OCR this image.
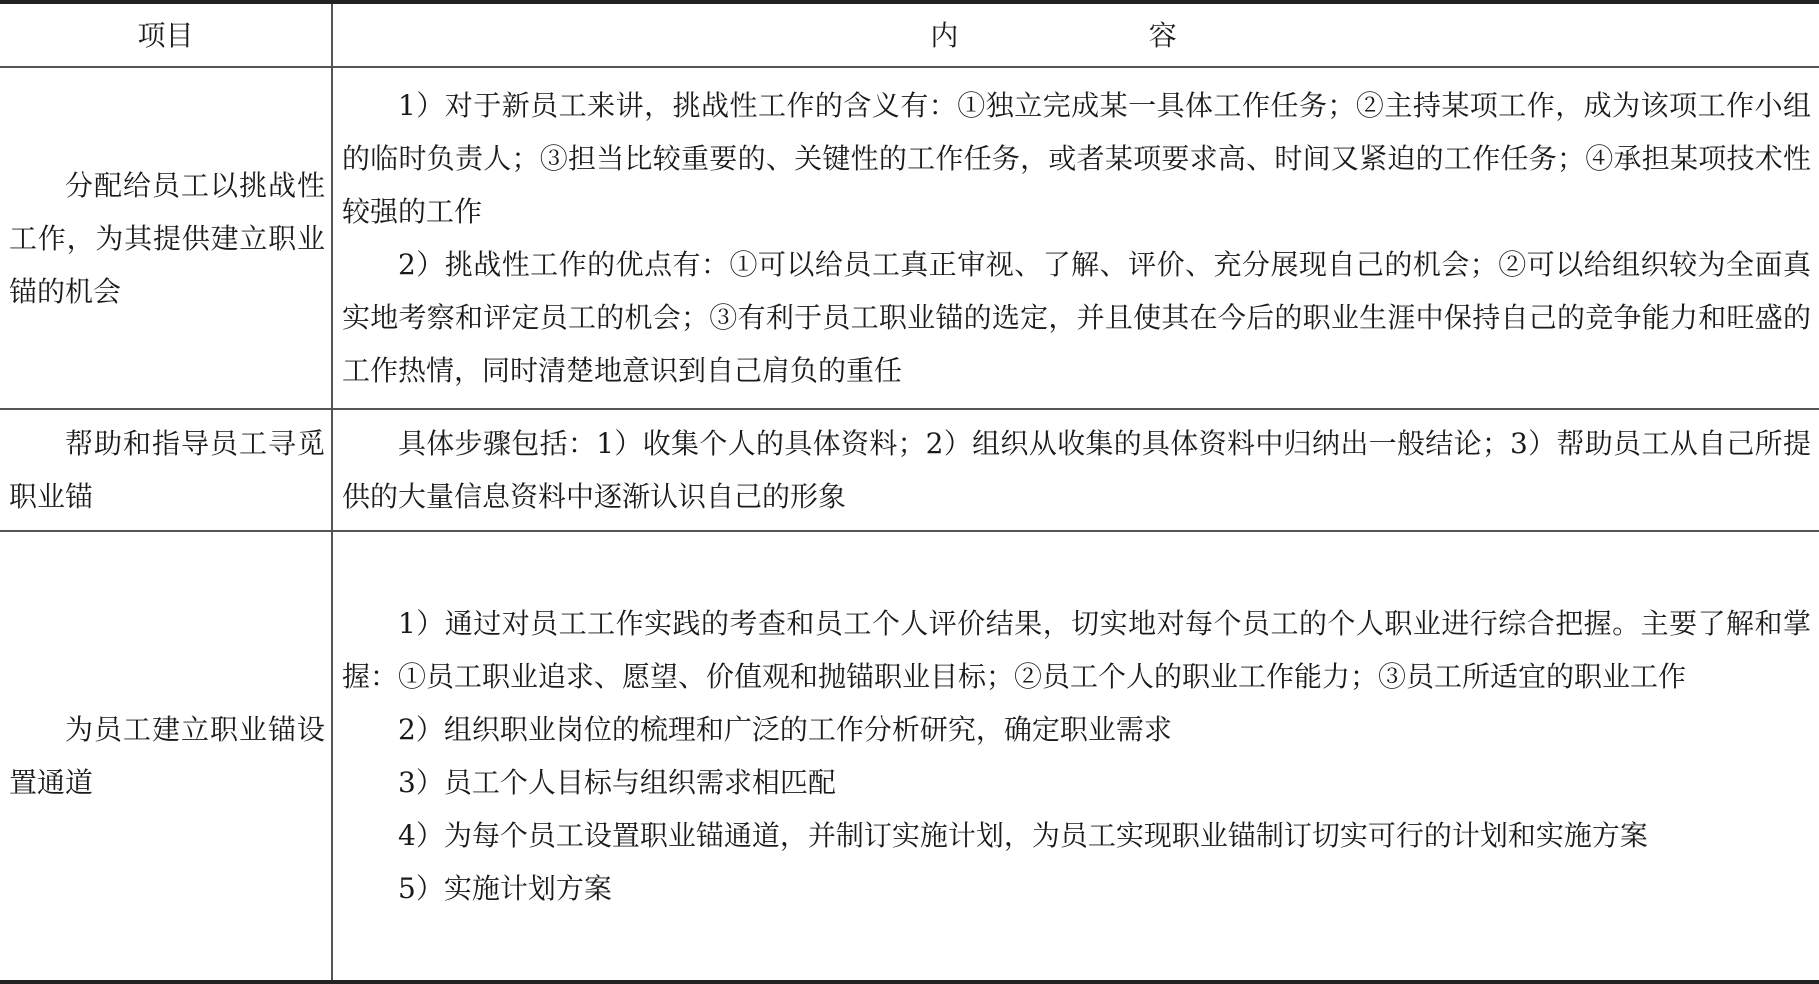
项目	内　　容

分配给员工以挑战性工作，为其提供建立职业锚的机会	1）对于新员工来讲，挑战性工作的含义有：①独立完成某一具体工作任务；②主持某项工作，成为该项工作小组的临时负责人；③担当比较重要的、关键性的工作任务，或者某项要求高、时间又紧迫的工作任务；④承担某项技术性较强的工作

2）挑战性工作的优点有：①可以给员工真正审视、了解、评价、充分展现自己的机会；②可以给组织较为全面真实地考察和评定员工的机会；③有利于员工职业锚的选定，并且使其在今后的职业生涯中保持自己的竞争能力和旺盛的工作热情，同时清楚地意识到自己肩负的重任

帮助和指导员工寻觅职业锚	具体步骤包括：1）收集个人的具体资料；2）组织从收集的具体资料中归纳出一般结论；3）帮助员工从自己所提供的大量信息资料中逐渐认识自己的形象

为员工建立职业锚设置通道	1）通过对员工工作实践的考查和员工个人评价结果，切实地对每个员工的个人职业进行综合把握。主要了解和掌握：①员工职业追求、愿望、价值观和抛锚职业目标；②员工个人的职业工作能力；③员工所适宜的职业工作

2）组织职业岗位的梳理和广泛的工作分析研究，确定职业需求

3）员工个人目标与组织需求相匹配

4）为每个员工设置职业锚通道，并制订实施计划，为员工实现职业锚制订切实可行的计划和实施方案

5）实施计划方案
